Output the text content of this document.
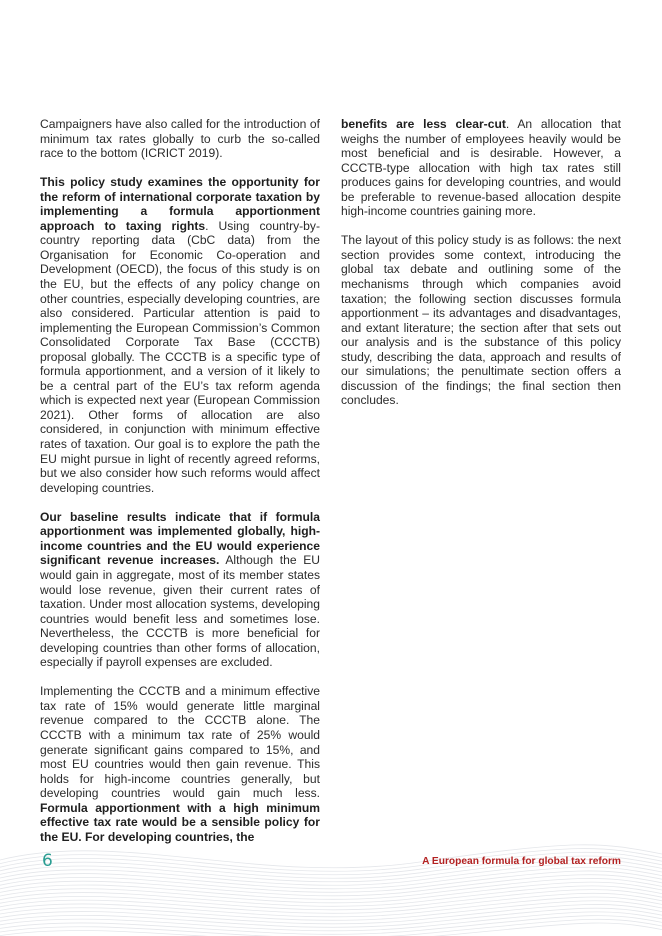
Campaigners have also called for the introduction of minimum tax rates globally to curb the so-called race to the bottom (ICRICT 2019).

This policy study examines the opportunity for the reform of international corporate taxation by implementing a formula apportionment approach to taxing rights. Using country-by-country reporting data (CbC data) from the Organisation for Economic Co-operation and Development (OECD), the focus of this study is on the EU, but the effects of any policy change on other countries, especially developing countries, are also considered. Particular attention is paid to implementing the European Commission’s Common Consolidated Corporate Tax Base (CCCTB) proposal globally. The CCCTB is a specific type of formula apportionment, and a version of it likely to be a central part of the EU’s tax reform agenda which is expected next year (European Commission 2021). Other forms of allocation are also considered, in conjunction with minimum effective rates of taxation. Our goal is to explore the path the EU might pursue in light of recently agreed reforms, but we also consider how such reforms would affect developing countries.

Our baseline results indicate that if formula apportionment was implemented globally, high-income countries and the EU would experience significant revenue increases. Although the EU would gain in aggregate, most of its member states would lose revenue, given their current rates of taxation. Under most allocation systems, developing countries would benefit less and sometimes lose. Nevertheless, the CCCTB is more beneficial for developing countries than other forms of allocation, especially if payroll expenses are excluded.

Implementing the CCCTB and a minimum effective tax rate of 15% would generate little marginal revenue compared to the CCCTB alone. The CCCTB with a minimum tax rate of 25% would generate significant gains compared to 15%, and most EU countries would then gain revenue. This holds for high-income countries generally, but developing countries would gain much less. Formula apportionment with a high minimum effective tax rate would be a sensible policy for the EU. For developing countries, the

benefits are less clear-cut. An allocation that weighs the number of employees heavily would be most beneficial and is desirable. However, a CCCTB-type allocation with high tax rates still produces gains for developing countries, and would be preferable to revenue-based allocation despite high-income countries gaining more.

The layout of this policy study is as follows: the next section provides some context, introducing the global tax debate and outlining some of the mechanisms through which companies avoid taxation; the following section discusses formula apportionment – its advantages and disadvantages, and extant literature; the section after that sets out our analysis and is the substance of this policy study, describing the data, approach and results of our simulations; the penultimate section offers a discussion of the findings; the final section then concludes.

6	A European formula for global tax reform
